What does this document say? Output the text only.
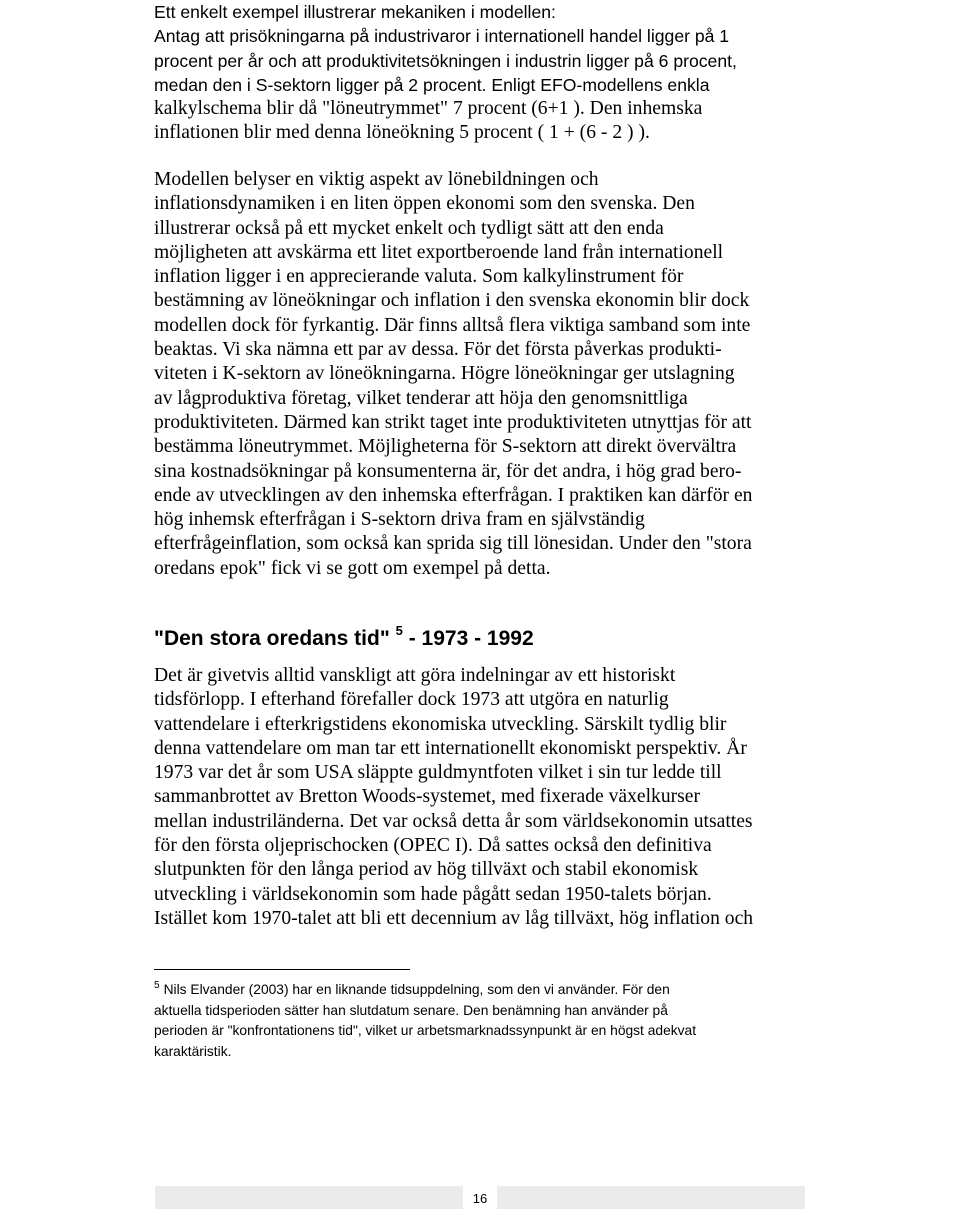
Ett enkelt exempel illustrerar mekaniken i modellen:
Antag att prisökningarna på industrivaror i internationell handel ligger på 1
procent per år och att produktivitetsökningen i industrin ligger på 6 procent,
medan den i S-sektorn ligger på 2 procent. Enligt EFO-modellens enkla
kalkylschema blir då "löneutrymmet" 7 procent (6+1 ). Den inhemska
inflationen blir med denna löneökning 5 procent ( 1 + (6 - 2 ) ).
Modellen belyser en viktig aspekt av lönebildningen och
inflationsdynamiken i en liten öppen ekonomi som den svenska. Den
illustrerar också på ett mycket enkelt och tydligt sätt att den enda
möjligheten att avskärma ett litet exportberoende land från internationell
inflation ligger i en apprecierande valuta. Som kalkylinstrument för
bestämning av löneökningar och inflation i den svenska ekonomin blir dock
modellen dock för fyrkantig. Där finns alltså flera viktiga samband som inte
beaktas. Vi ska nämna ett par av dessa. För det första påverkas produkti-
viteten i K-sektorn av löneökningarna. Högre löneökningar ger utslagning
av lågproduktiva företag, vilket tenderar att höja den genomsnittliga
produktiviteten. Därmed kan strikt taget inte produktiviteten utnyttjas för att
bestämma löneutrymmet. Möjligheterna för S-sektorn att direkt övervältra
sina kostnadsökningar på konsumenterna är, för det andra, i hög grad bero-
ende av utvecklingen av den inhemska efterfrågan. I praktiken kan därför en
hög inhemsk efterfrågan i S-sektorn driva fram en självständig
efterfrågeinflation, som också kan sprida sig till lönesidan. Under den "stora
oredans epok" fick vi se gott om exempel på detta.
"Den stora oredans tid" $^5$ - 1973 - 1992
Det är givetvis alltid vanskligt att göra indelningar av ett historiskt
tidsförlopp. I efterhand förefaller dock 1973 att utgöra en naturlig
vattendelare i efterkrigstidens ekonomiska utveckling. Särskilt tydlig blir
denna vattendelare om man tar ett internationellt ekonomiskt perspektiv. År
1973 var det år som USA släppte guldmyntfoten vilket i sin tur ledde till
sammanbrottet av Bretton Woods-systemet, med fixerade växelkurser
mellan industriländerna. Det var också detta år som världsekonomin utsattes
för den första oljeprischocken (OPEC I). Då sattes också den definitiva
slutpunkten för den långa period av hög tillväxt och stabil ekonomisk
utveckling i världsekonomin som hade pågått sedan 1950-talets början.
Istället kom 1970-talet att bli ett decennium av låg tillväxt, hög inflation och
$^5$ Nils Elvander (2003) har en liknande tidsuppdelning, som den vi använder. För den
aktuella tidsperioden sätter han slutdatum senare. Den benämning han använder på
perioden är "konfrontationens tid", vilket ur arbetsmarknadssynpunkt är en högst adekvat
karaktäristik.
16
